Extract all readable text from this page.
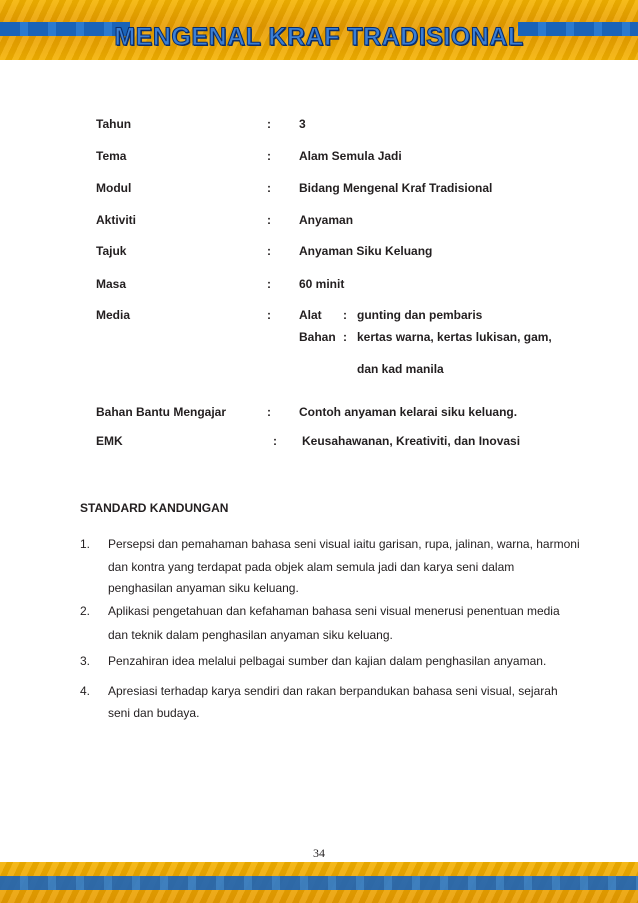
MENGENAL KRAF TRADISIONAL
Tahun	: 3
Tema	: Alam Semula Jadi
Modul	: Bidang Mengenal Kraf Tradisional
Aktiviti	: Anyaman
Tajuk	: Anyaman Siku Keluang
Masa	: 60 minit
Media	: Alat : gunting dan pembaris
Bahan : kertas warna, kertas lukisan, gam,
dan kad manila
Bahan Bantu Mengajar	: Contoh anyaman kelarai siku keluang.
EMK	: Keusahawanan, Kreativiti, dan Inovasi
STANDARD KANDUNGAN
1. Persepsi dan pemahaman bahasa seni visual iaitu garisan, rupa, jalinan, warna, harmoni
dan kontra yang terdapat pada objek alam semula jadi dan karya seni dalam
penghasilan anyaman siku keluang.
2. Aplikasi pengetahuan dan kefahaman bahasa seni visual menerusi penentuan media
dan teknik dalam penghasilan anyaman siku keluang.
3. Penzahiran idea melalui pelbagai sumber dan kajian dalam penghasilan anyaman.
4. Apresiasi terhadap karya sendiri dan rakan berpandukan bahasa seni visual, sejarah
seni dan budaya.
34
